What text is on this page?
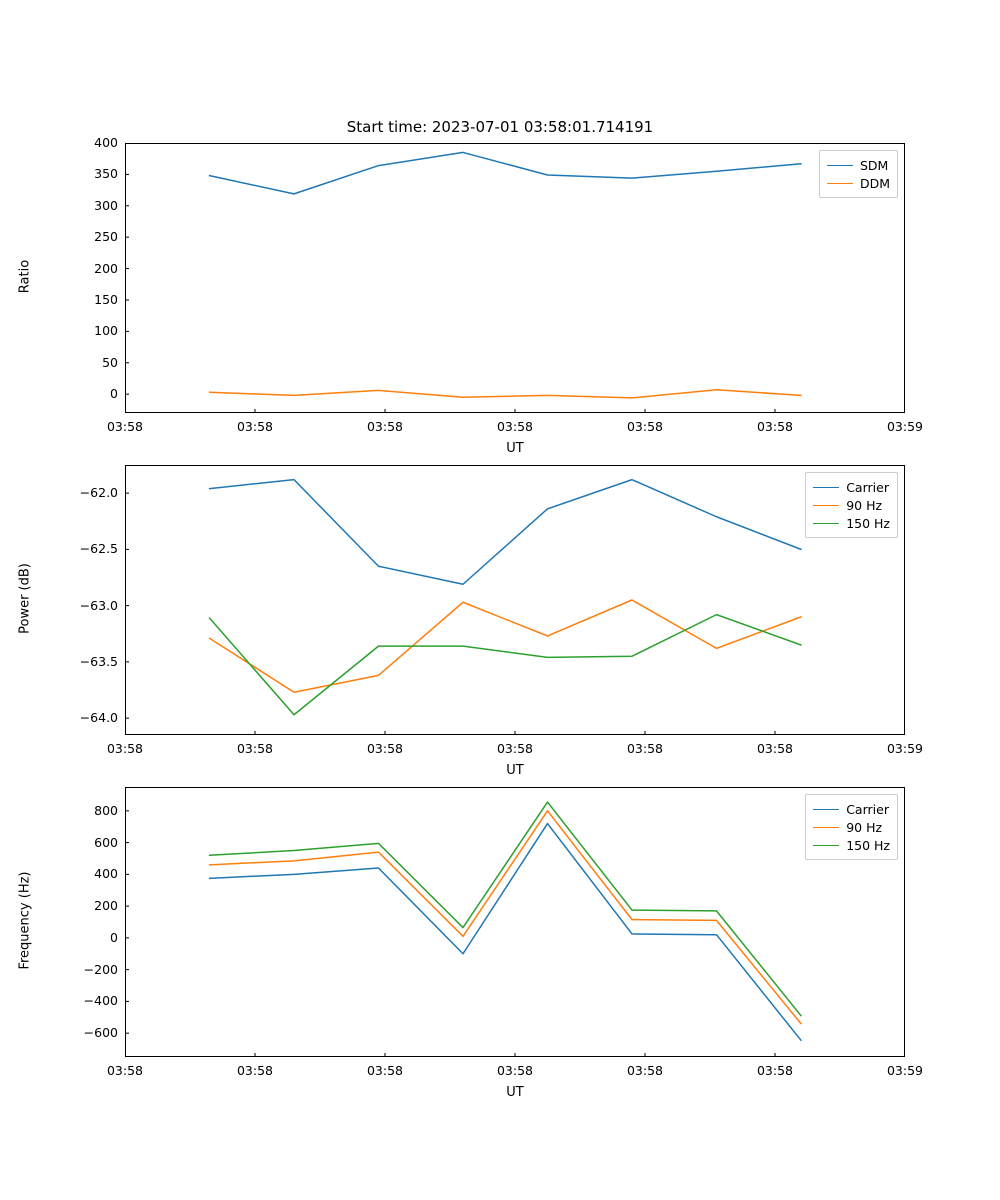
Start time: 2023-07-01 03:58:01.714191
03:58	03:58	03:58	03:58	03:58	03:58	03:59
0
50
100
150
200
250
300
350
400
UT
Ratio
SDM
DDM
03:58	03:58	03:58	03:58	03:58	03:58	03:59
−64.0
−63.5
−63.0
−62.5
−62.0
UT
Power (dB)
Carrier
90 Hz
150 Hz
03:58	03:58	03:58	03:58	03:58	03:58	03:59
−600
−400
−200
0
200
400
600
800
UT
Frequency (Hz)
Carrier
90 Hz
150 Hz
